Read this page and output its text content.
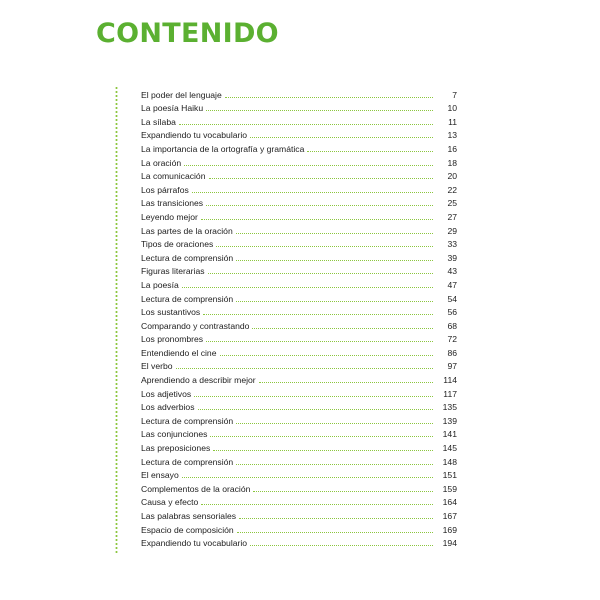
CONTENIDO
El poder del lenguaje	7
La poesía Haiku	10
La sílaba	11
Expandiendo tu vocabulario	13
La importancia de la ortografía y gramática	16
La oración	18
La comunicación	20
Los párrafos	22
Las transiciones	25
Leyendo mejor	27
Las partes de la oración	29
Tipos de oraciones	33
Lectura de comprensión	39
Figuras literarias	43
La poesía	47
Lectura de comprensión	54
Los sustantivos	56
Comparando y contrastando	68
Los pronombres	72
Entendiendo el cine	86
El verbo	97
Aprendiendo a describir mejor	114
Los adjetivos	117
Los adverbios	135
Lectura de comprensión	139
Las conjunciones	141
Las preposiciones	145
Lectura de comprensión	148
El ensayo	151
Complementos de la oración	159
Causa y efecto	164
Las palabras sensoriales	167
Espacio de composición	169
Expandiendo tu vocabulario	194
